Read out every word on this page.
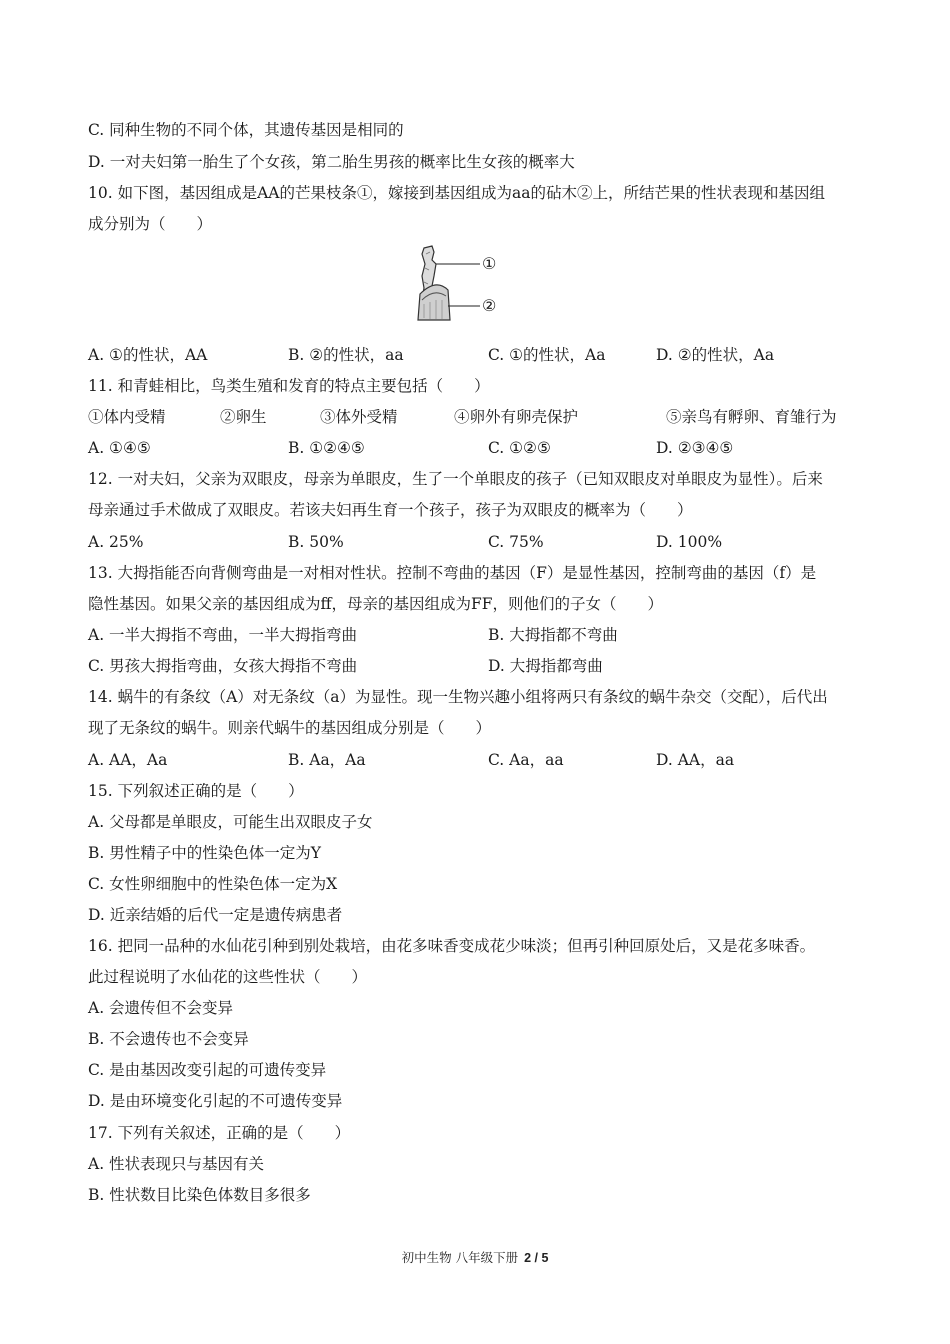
C. 同种生物的不同个体，其遗传基因是相同的
D. 一对夫妇第一胎生了个女孩，第二胎生男孩的概率比生女孩的概率大
10. 如下图，基因组成是AA的芒果枝条①，嫁接到基因组成为aa的砧木②上，所结芒果的性状表现和基因组
成分别为（　　）
①
②
A. ①的性状，AA	B. ②的性状，aa	C. ①的性状，Aa	D. ②的性状，Aa
11. 和青蛙相比，鸟类生殖和发育的特点主要包括（　　）
①体内受精	②卵生	③体外受精	④卵外有卵壳保护	⑤亲鸟有孵卵、育雏行为
A. ①④⑤	B. ①②④⑤	C. ①②⑤	D. ②③④⑤
12. 一对夫妇，父亲为双眼皮，母亲为单眼皮，生了一个单眼皮的孩子（已知双眼皮对单眼皮为显性）。后来
母亲通过手术做成了双眼皮。若该夫妇再生育一个孩子，孩子为双眼皮的概率为（　　）
A. 25%	B. 50%	C. 75%	D. 100%
13. 大拇指能否向背侧弯曲是一对相对性状。控制不弯曲的基因（F）是显性基因，控制弯曲的基因（f）是
隐性基因。如果父亲的基因组成为ff，母亲的基因组成为FF，则他们的子女（　　）
A. 一半大拇指不弯曲，一半大拇指弯曲	B. 大拇指都不弯曲
C. 男孩大拇指弯曲，女孩大拇指不弯曲	D. 大拇指都弯曲
14. 蜗牛的有条纹（A）对无条纹（a）为显性。现一生物兴趣小组将两只有条纹的蜗牛杂交（交配），后代出
现了无条纹的蜗牛。则亲代蜗牛的基因组成分别是（　　）
A. AA，Aa	B. Aa，Aa	C. Aa，aa	D. AA，aa
15. 下列叙述正确的是（　　）
A. 父母都是单眼皮，可能生出双眼皮子女
B. 男性精子中的性染色体一定为Y
C. 女性卵细胞中的性染色体一定为X
D. 近亲结婚的后代一定是遗传病患者
16. 把同一品种的水仙花引种到别处栽培，由花多味香变成花少味淡；但再引种回原处后，又是花多味香。
此过程说明了水仙花的这些性状（　　）
A. 会遗传但不会变异
B. 不会遗传也不会变异
C. 是由基因改变引起的可遗传变异
D. 是由环境变化引起的不可遗传变异
17. 下列有关叙述，正确的是（　　）
A. 性状表现只与基因有关
B. 性状数目比染色体数目多很多
初中生物 八年级下册 2 / 5
